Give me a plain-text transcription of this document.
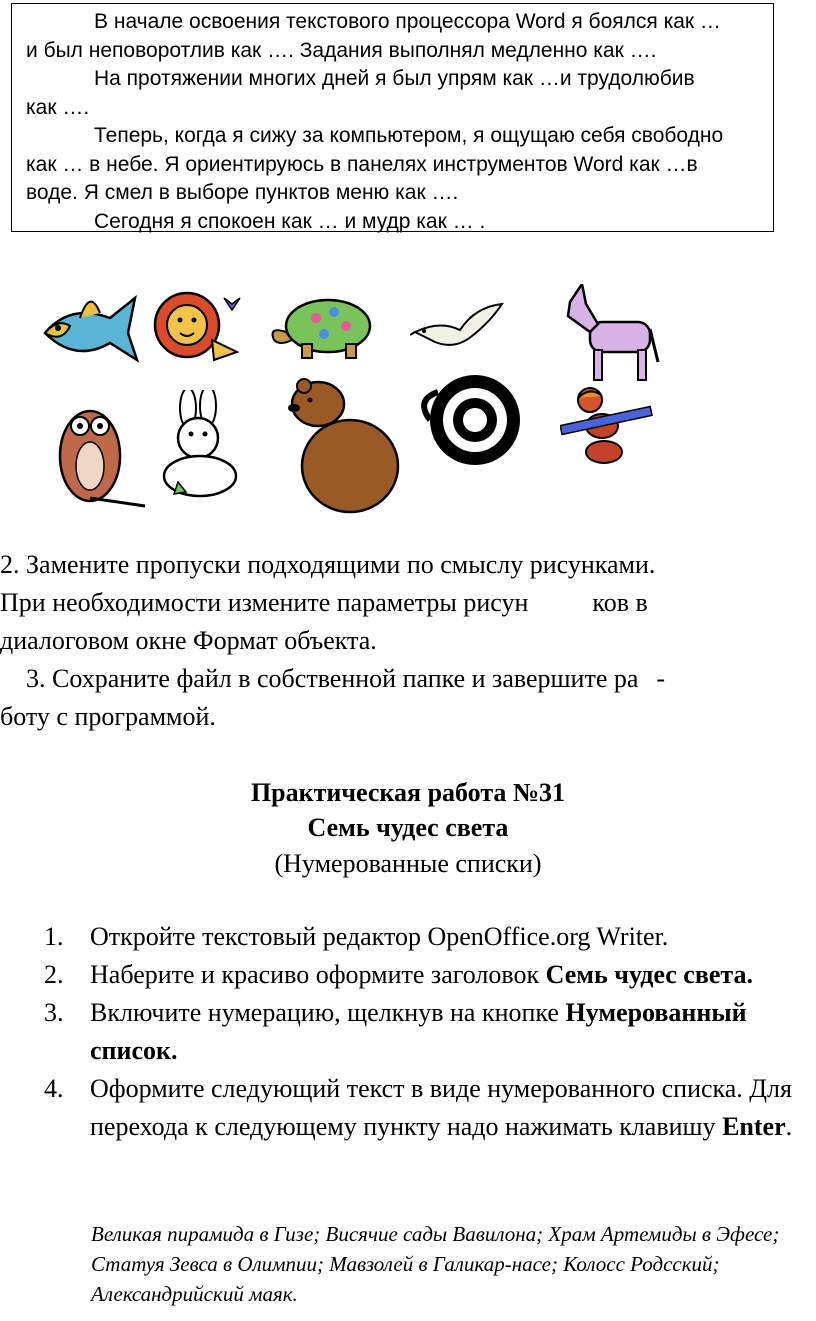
В начале освоения текстового процессора Word я боялся как …

и был неповоротлив как …. Задания выполнял медленно как ….

На протяжении многих дней я был упрям как …и трудолюбив

как ….

Теперь, когда я сижу за компьютером, я ощущаю себя свободно

как … в небе. Я ориентируюсь в панелях инструментов Word как …в

воде. Я смел в выборе пунктов меню как ….

Сегодня я спокоен как … и мудр как … .

2. Замените пропуски подходящими по смыслу рисунками.

При необходимости измените параметры рисун ков в

диалоговом окне Формат объекта.

3. Сохраните файл в собственной папке и завершите ра -

боту с программой.

Практическая работа №31
Семь чудес света
(Нумерованные списки)
1. Откройте текстовый редактор OpenOffice.org Writer.
2. Наберите и красиво оформите заголовок Семь чудес света.
3. Включите нумерацию, щелкнув на кнопке Нумерованный список.
4. Оформите следующий текст в виде нумерованного списка. Для перехода к следующему пункту надо нажимать клавишу Enter.
Великая пирамида в Гизе; Висячие сады Вавилона; Храм Артемиды в Эфесе; Статуя Зевса в Олимпии; Мавзолей в Галикар-насе; Колосс Родсский; Александрийский маяк.
